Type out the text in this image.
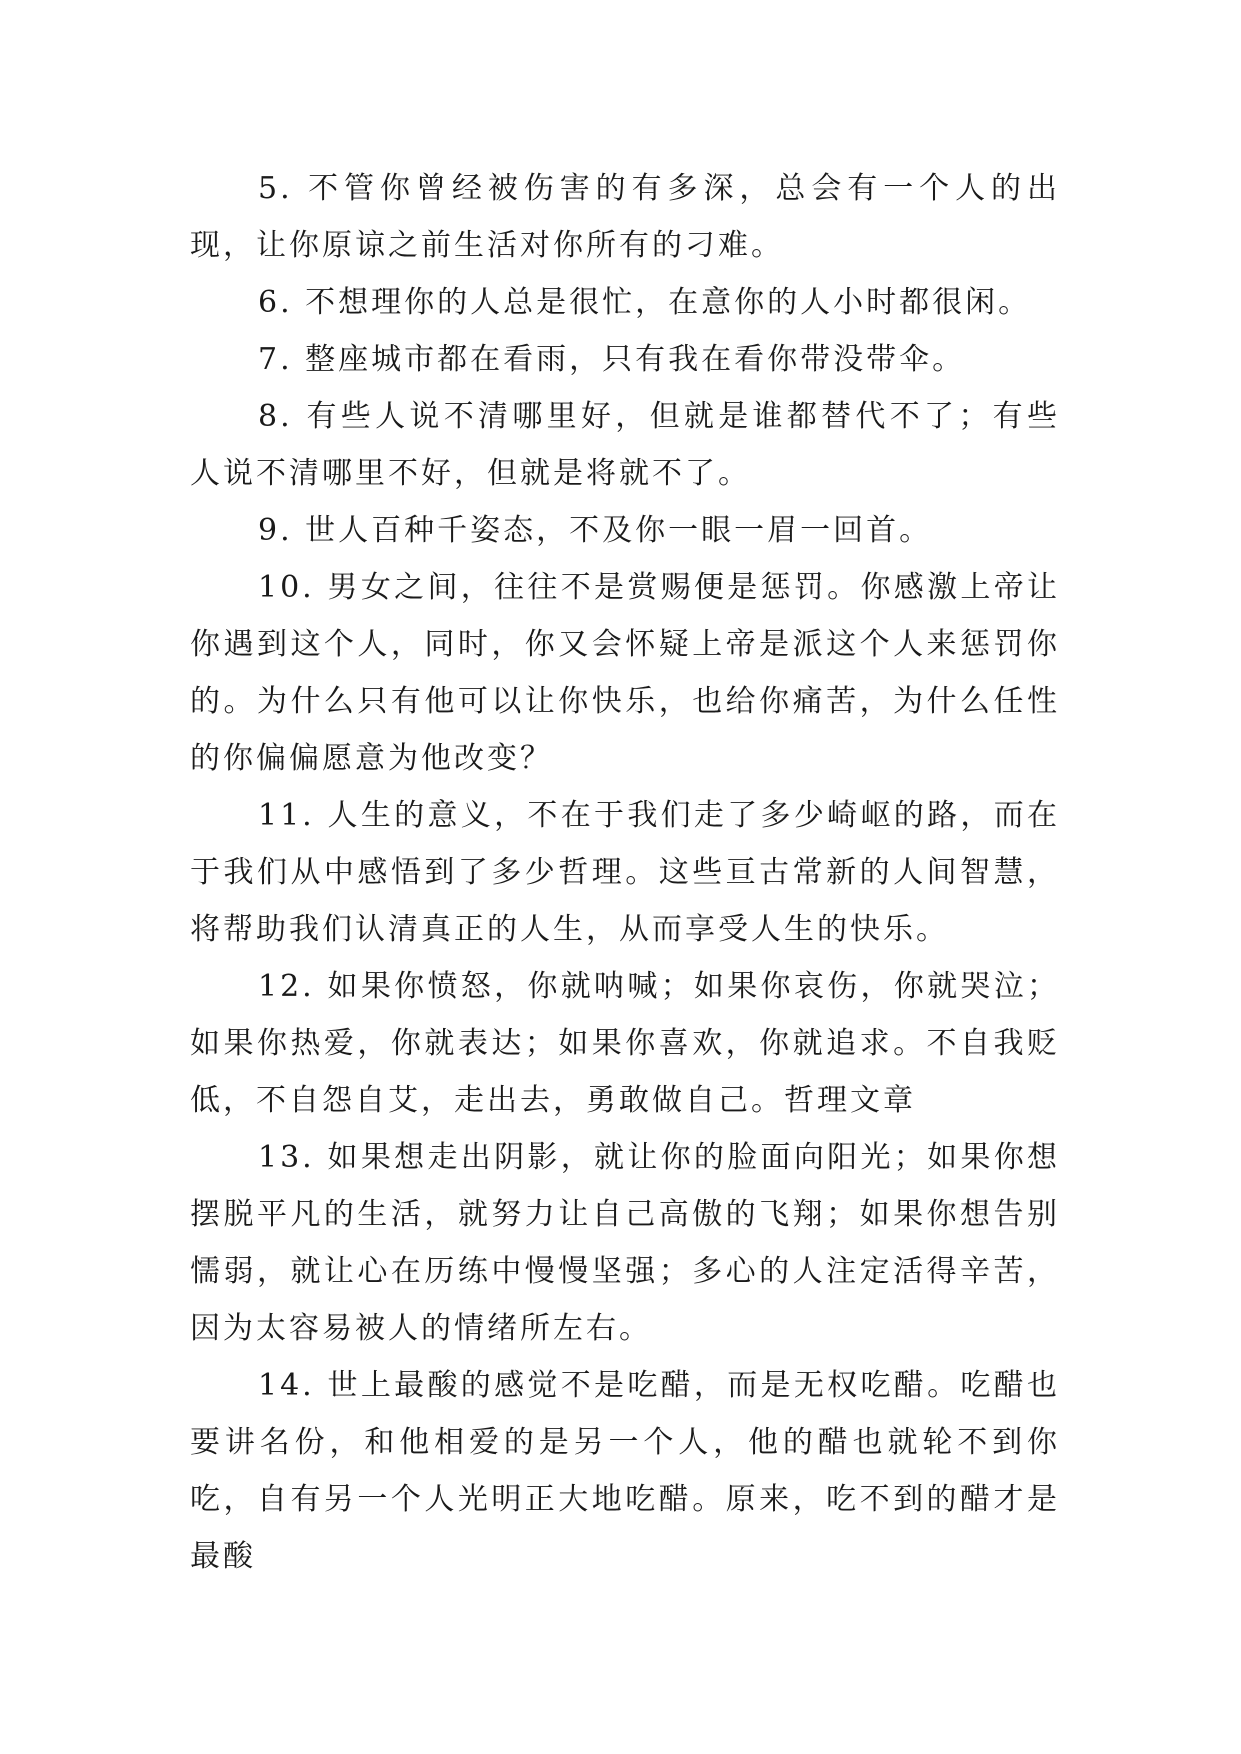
5. 不管你曾经被伤害的有多深，总会有一个人的出现，让你原谅之前生活对你所有的刁难。

6. 不想理你的人总是很忙，在意你的人小时都很闲。

7. 整座城市都在看雨，只有我在看你带没带伞。

8. 有些人说不清哪里好，但就是谁都替代不了；有些人说不清哪里不好，但就是将就不了。

9. 世人百种千姿态，不及你一眼一眉一回首。

10. 男女之间，往往不是赏赐便是惩罚。你感激上帝让你遇到这个人，同时，你又会怀疑上帝是派这个人来惩罚你的。为什么只有他可以让你快乐，也给你痛苦，为什么任性的你偏偏愿意为他改变？

11. 人生的意义，不在于我们走了多少崎岖的路，而在于我们从中感悟到了多少哲理。这些亘古常新的人间智慧，将帮助我们认清真正的人生，从而享受人生的快乐。

12. 如果你愤怒，你就呐喊；如果你哀伤，你就哭泣；如果你热爱，你就表达；如果你喜欢，你就追求。不自我贬低，不自怨自艾，走出去，勇敢做自己。哲理文章

13. 如果想走出阴影，就让你的脸面向阳光；如果你想摆脱平凡的生活，就努力让自己高傲的飞翔；如果你想告别懦弱，就让心在历练中慢慢坚强；多心的人注定活得辛苦，因为太容易被人的情绪所左右。

14. 世上最酸的感觉不是吃醋，而是无权吃醋。吃醋也要讲名份，和他相爱的是另一个人，他的醋也就轮不到你吃，自有另一个人光明正大地吃醋。原来，吃不到的醋才是最酸
